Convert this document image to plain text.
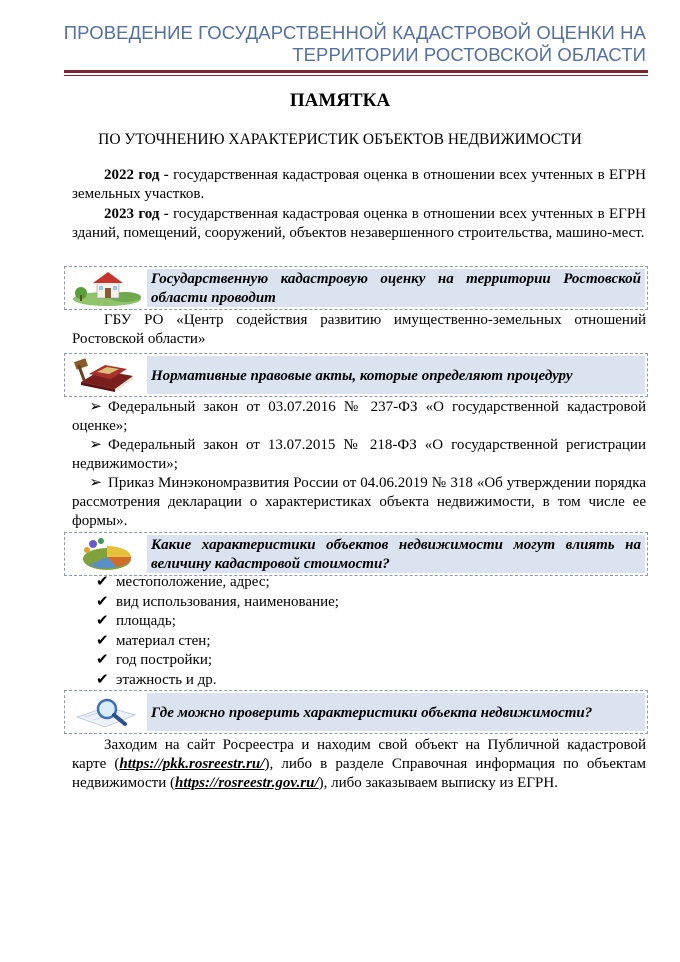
ПРОВЕДЕНИЕ ГОСУДАРСТВЕННОЙ КАДАСТРОВОЙ ОЦЕНКИ НА
ТЕРРИТОРИИ РОСТОВСКОЙ ОБЛАСТИ
ПАМЯТКА
ПО УТОЧНЕНИЮ ХАРАКТЕРИСТИК ОБЪЕКТОВ НЕДВИЖИМОСТИ
2022 год - государственная кадастровая оценка в отношении всех учтенных в ЕГРН земельных участков.
2023 год - государственная кадастровая оценка в отношении всех учтенных в ЕГРН зданий, помещений, сооружений, объектов незавершенного строительства, машино-мест.
Государственную кадастровую оценку на территории Ростовской области проводит
ГБУ РО «Центр содействия развитию имущественно-земельных отношений Ростовской области»
Нормативные правовые акты, которые определяют процедуру

➢ Федеральный закон от 03.07.2016 № 237-ФЗ «О государственной кадастровой оценке»;

➢ Федеральный закон от 13.07.2015 № 218-ФЗ «О государственной регистрации недвижимости»;

➢ Приказ Минэкономразвития России от 04.06.2019 № 318 «Об утверждении порядка рассмотрения декларации о характеристиках объекта недвижимости, в том числе ее формы».

Какие характеристики объектов недвижимости могут влиять на величину кадастровой стоимости?
✔ местоположение, адрес;
✔ вид использования, наименование;
✔ площадь;
✔ материал стен;
✔ год постройки;
✔ этажность и др.
Где можно проверить характеристики объекта недвижимости?
Заходим на сайт Росреестра и находим свой объект на Публичной кадастровой карте (https://pkk.rosreestr.ru/), либо в разделе Справочная информация по объектам недвижимости (https://rosreestr.gov.ru/), либо заказываем выписку из ЕГРН.
